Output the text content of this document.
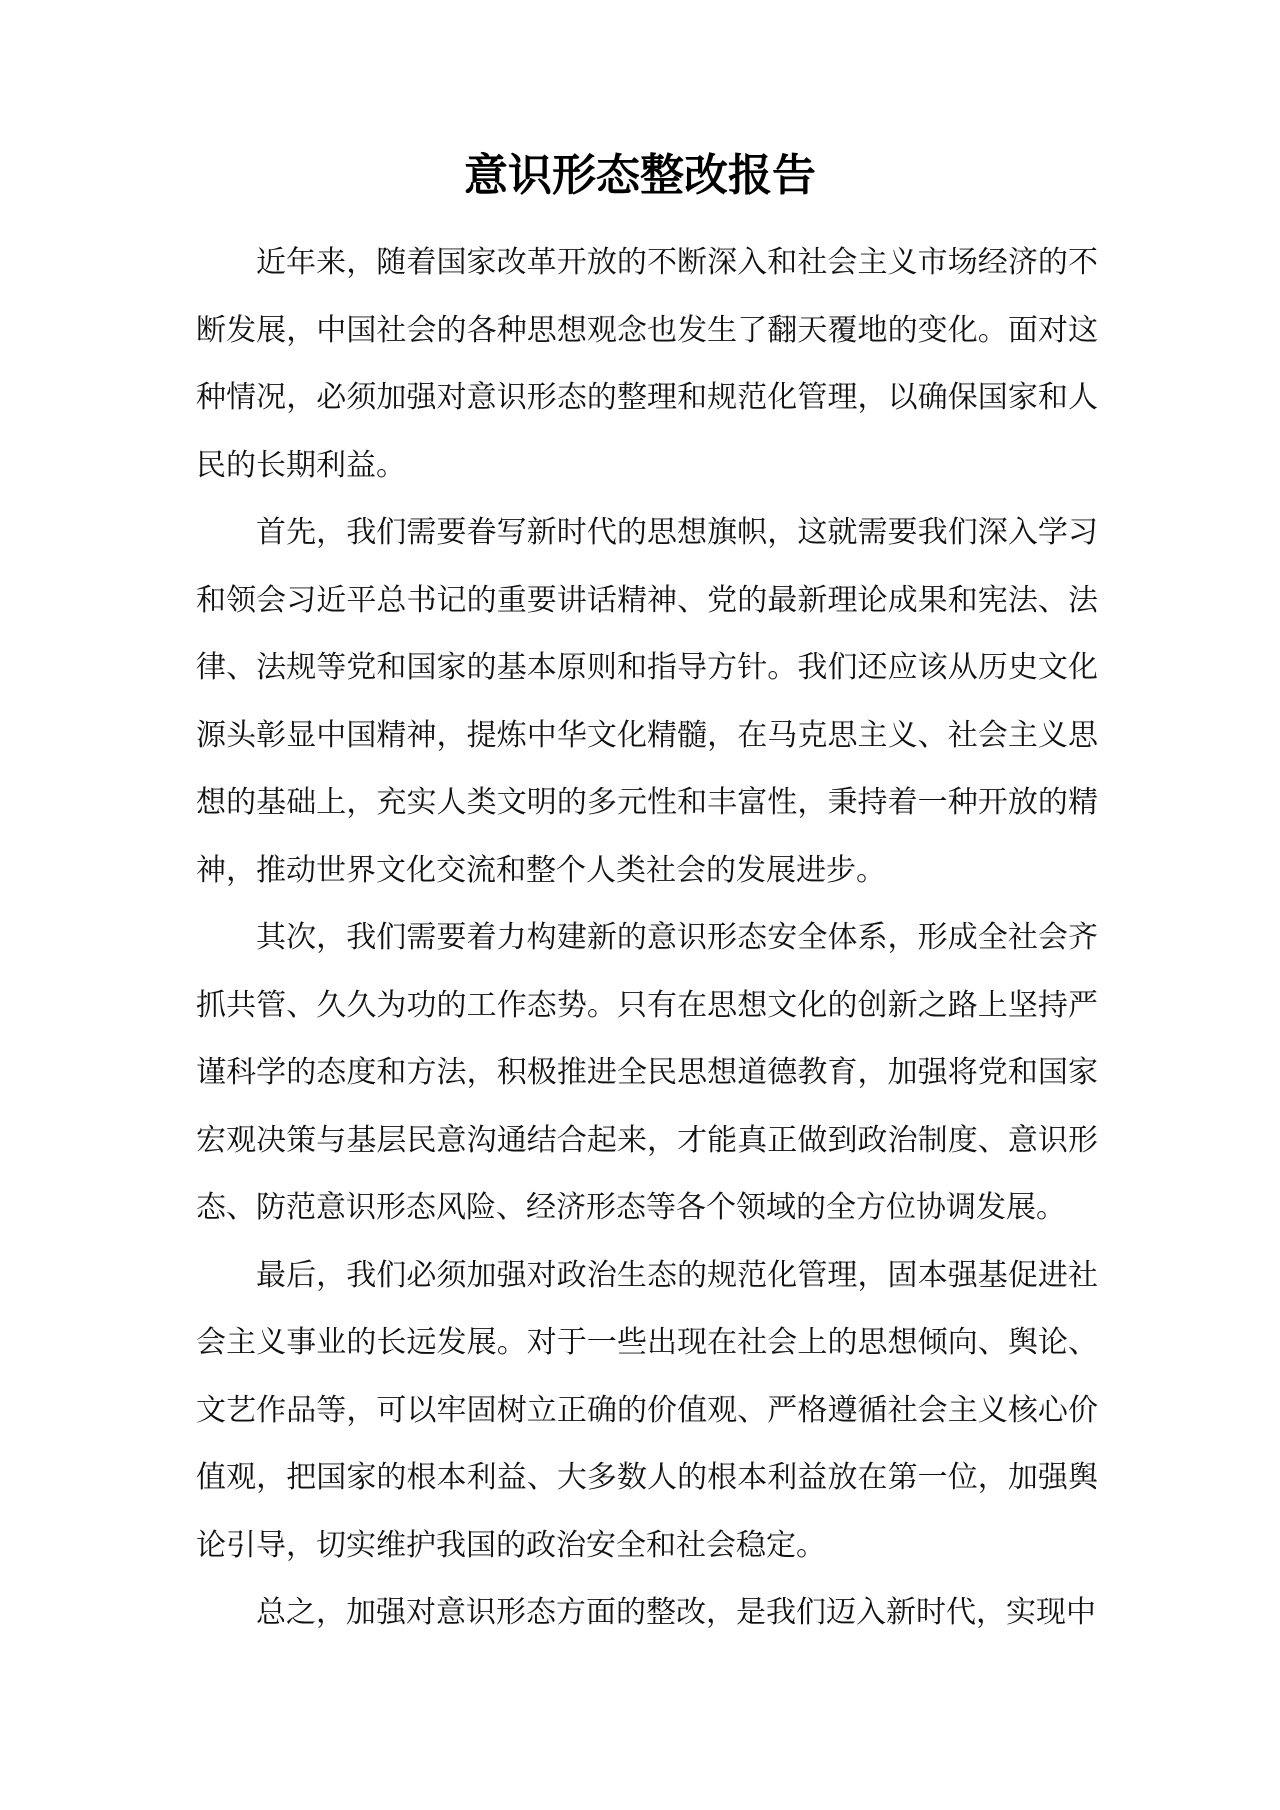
意识形态整改报告

近年来，随着国家改革开放的不断深入和社会主义市场经济的不断发展，中国社会的各种思想观念也发生了翻天覆地的变化。面对这种情况，必须加强对意识形态的整理和规范化管理，以确保国家和人民的长期利益。

首先，我们需要眷写新时代的思想旗帜，这就需要我们深入学习和领会习近平总书记的重要讲话精神、党的最新理论成果和宪法、法律、法规等党和国家的基本原则和指导方针。我们还应该从历史文化源头彰显中国精神，提炼中华文化精髓，在马克思主义、社会主义思想的基础上，充实人类文明的多元性和丰富性，秉持着一种开放的精神，推动世界文化交流和整个人类社会的发展进步。

其次，我们需要着力构建新的意识形态安全体系，形成全社会齐抓共管、久久为功的工作态势。只有在思想文化的创新之路上坚持严谨科学的态度和方法，积极推进全民思想道德教育，加强将党和国家宏观决策与基层民意沟通结合起来，才能真正做到政治制度、意识形态、防范意识形态风险、经济形态等各个领域的全方位协调发展。

最后，我们必须加强对政治生态的规范化管理，固本强基促进社会主义事业的长远发展。对于一些出现在社会上的思想倾向、舆论、文艺作品等，可以牢固树立正确的价值观、严格遵循社会主义核心价值观，把国家的根本利益、大多数人的根本利益放在第一位，加强舆论引导，切实维护我国的政治安全和社会稳定。

总之，加强对意识形态方面的整改，是我们迈入新时代，实现中
